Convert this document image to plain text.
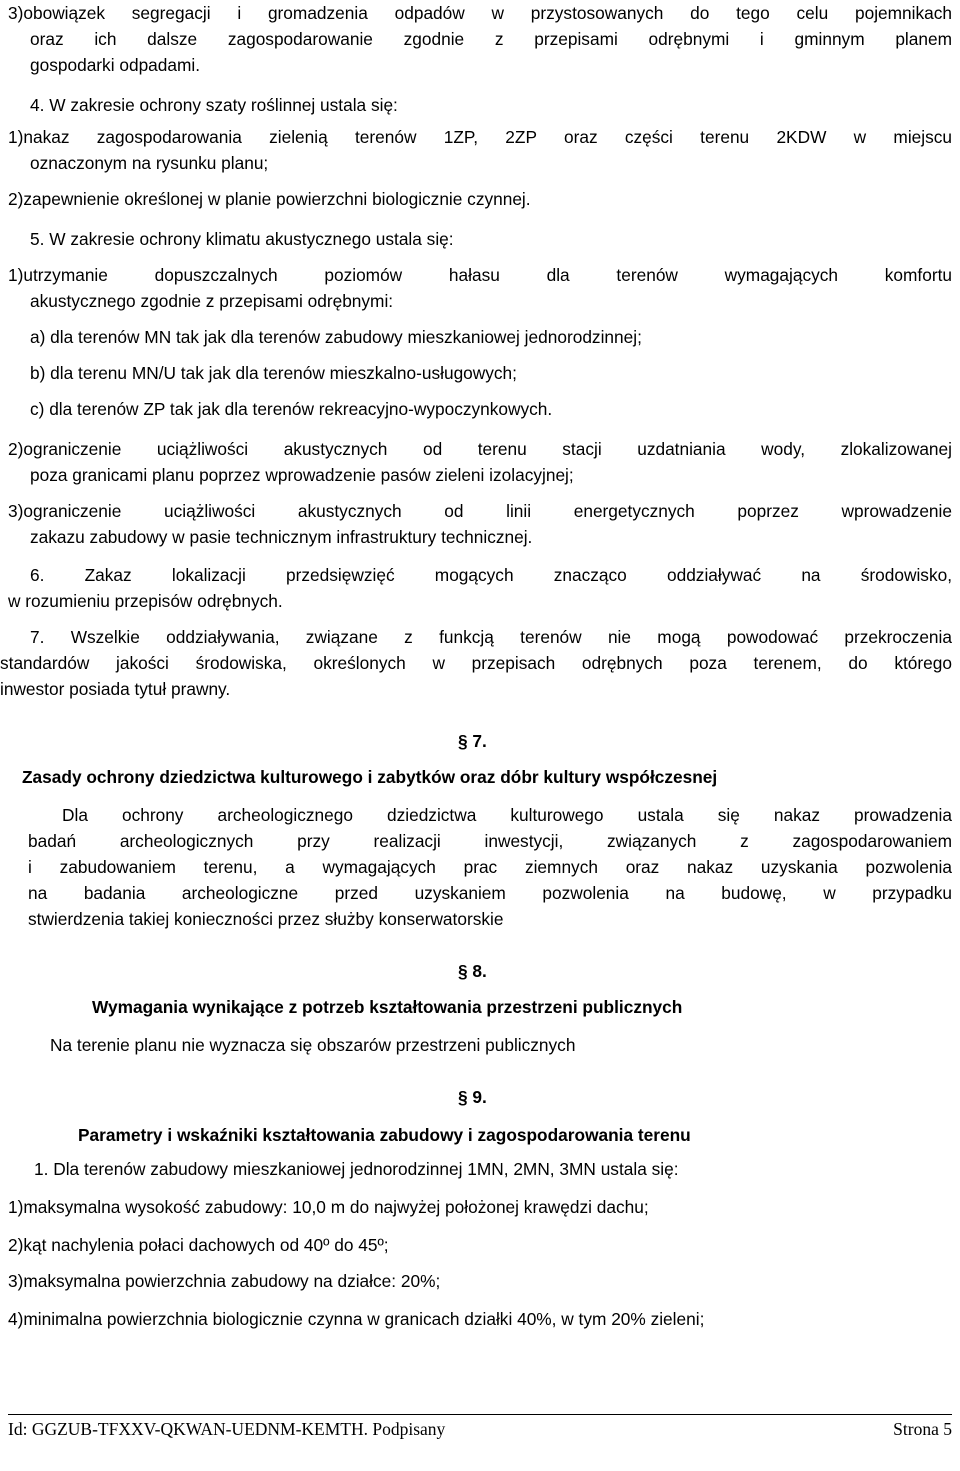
3)obowiązek segregacji i gromadzenia odpadów w przystosowanych do tego celu pojemnikach
oraz ich dalsze zagospodarowanie zgodnie z przepisami odrębnymi i gminnym planem
gospodarki odpadami.
4. W zakresie ochrony szaty roślinnej ustala się:
1)nakaz zagospodarowania zielenią terenów 1ZP, 2ZP oraz części terenu 2KDW w miejscu
oznaczonym na rysunku planu;
2)zapewnienie określonej w planie powierzchni biologicznie czynnej.
5. W zakresie ochrony klimatu akustycznego ustala się:
1)utrzymanie dopuszczalnych poziomów hałasu dla terenów wymagających komfortu
akustycznego zgodnie z przepisami odrębnymi:
a) dla terenów MN tak jak dla terenów zabudowy mieszkaniowej jednorodzinnej;
b) dla terenu MN/U tak jak dla terenów mieszkalno-usługowych;
c) dla terenów ZP tak jak dla terenów rekreacyjno-wypoczynkowych.
2)ograniczenie uciążliwości akustycznych od terenu stacji uzdatniania wody, zlokalizowanej
poza granicami planu poprzez wprowadzenie pasów zieleni izolacyjnej;
3)ograniczenie uciążliwości akustycznych od linii energetycznych poprzez wprowadzenie
zakazu zabudowy w pasie technicznym infrastruktury technicznej.
6. Zakaz lokalizacji przedsięwzięć mogących znacząco oddziaływać na środowisko,
w rozumieniu przepisów odrębnych.
7. Wszelkie oddziaływania, związane z funkcją terenów nie mogą powodować przekroczenia
standardów jakości środowiska, określonych w przepisach odrębnych poza terenem, do którego
inwestor posiada tytuł prawny.
§ 7.
Zasady ochrony dziedzictwa kulturowego i zabytków oraz dóbr kultury współczesnej
Dla ochrony archeologicznego dziedzictwa kulturowego ustala się nakaz prowadzenia
badań archeologicznych przy realizacji inwestycji, związanych z zagospodarowaniem
i zabudowaniem terenu, a wymagających prac ziemnych oraz nakaz uzyskania pozwolenia
na badania archeologiczne przed uzyskaniem pozwolenia na budowę, w przypadku
stwierdzenia takiej konieczności przez służby konserwatorskie
§ 8.
Wymagania wynikające z potrzeb kształtowania przestrzeni publicznych
Na terenie planu nie wyznacza się obszarów przestrzeni publicznych
§ 9.
Parametry i wskaźniki kształtowania zabudowy i zagospodarowania terenu
1. Dla terenów zabudowy mieszkaniowej jednorodzinnej 1MN, 2MN, 3MN ustala się:
1)maksymalna wysokość zabudowy: 10,0 m do najwyżej położonej krawędzi dachu;
2)kąt nachylenia połaci dachowych od 40º do 45º;
3)maksymalna powierzchnia zabudowy na działce: 20%;
4)minimalna powierzchnia biologicznie czynna w granicach działki 40%, w tym 20% zieleni;
Id: GGZUB-TFXXV-QKWAN-UEDNM-KEMTH. Podpisany	Strona 5
